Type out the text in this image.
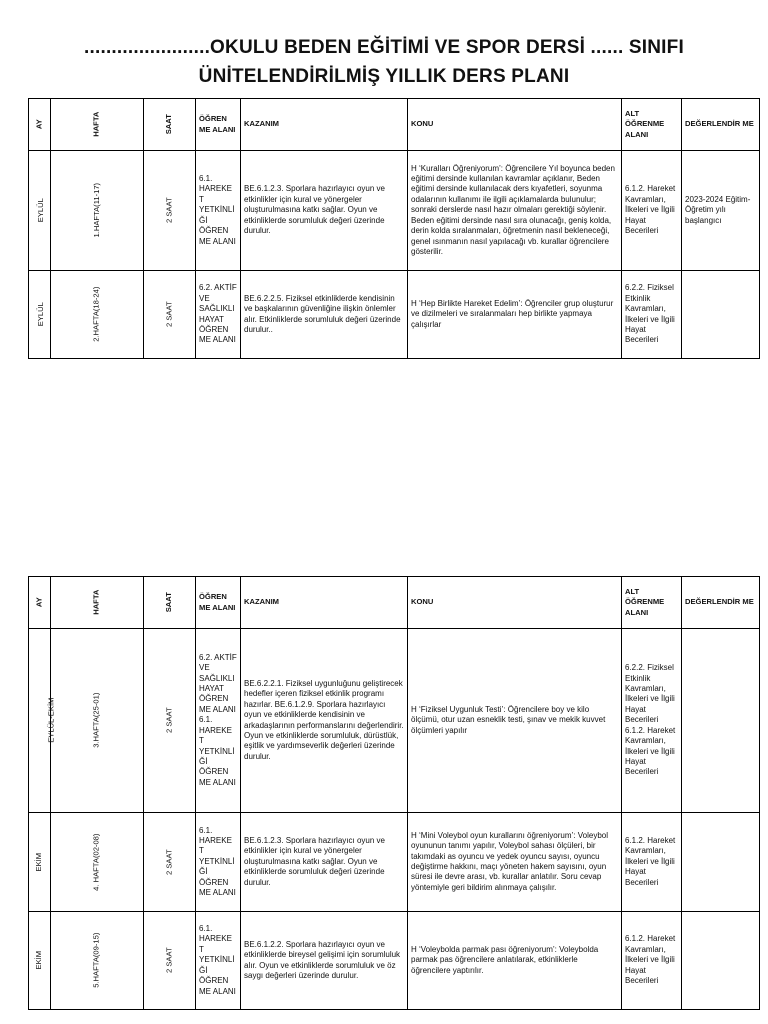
.......................OKULU BEDEN EĞİTİMİ VE SPOR DERSİ ...... SINIFI
ÜNİTELENDİRİLMİŞ YILLIK DERS PLANI
AY	HAFTA	SAAT	ÖĞREN ME ALANI	KAZANIM	KONU	ALT ÖĞRENME ALANI	DEĞERLENDİR ME
EYLÜL	1.HAFTA(11-17)	2 SAAT	6.1. HAREKE T YETKİNLİ Ğİ ÖĞREN ME ALANI	BE.6.1.2.3. Sporlara hazırlayıcı oyun ve etkinlikler için kural ve yönergeler oluşturulmasına katkı sağlar. Oyun ve etkinliklerde sorumluluk değeri üzerinde durulur.	H ‘Kuralları Öğreniyorum’: Öğrencilere Yıl boyunca beden eğitimi dersinde kullanılan kavramlar açıklanır, Beden eğitimi dersinde kullanılacak ders kıyafetleri, soyunma odalarının kullanımı ile ilgili açıklamalarda bulunulur; sonraki derslerde nasıl hazır olmaları gerektiği söylenir. Beden eğitimi dersinde nasıl sıra olunacağı, geniş kolda, derin kolda sıralanmaları, öğretmenin nasıl bekleneceği, genel ısınmanın nasıl yapılacağı vb. kurallar öğrencilere gösterilir.	6.1.2. Hareket Kavramları, İlkeleri ve İlgili Hayat Becerileri	2023-2024 Eğitim-Öğretim yılı başlangıcı
EYLÜL	2.HAFTA(18-24)	2 SAAT	6.2. AKTİF VE SAĞLIKLI HAYAT ÖĞREN ME ALANI	BE.6.2.2.5. Fiziksel etkinliklerde kendisinin ve başkalarının güvenliğine ilişkin önlemler alır. Etkinliklerde sorumluluk değeri üzerinde durulur..	H ‘Hep Birlikte Hareket Edelim’: Öğrenciler grup oluşturur ve dizilmeleri ve sıralanmaları hep birlikte yapmaya çalışırlar	6.2.2. Fiziksel Etkinlik Kavramları, İlkeleri ve İlgili Hayat Becerileri	
AY	HAFTA	SAAT	ÖĞREN ME ALANI	KAZANIM	KONU	ALT ÖĞRENME ALANI	DEĞERLENDİR ME
EYLÜL-EKİM	3.HAFTA(25-01)	2 SAAT	6.2. AKTİF VE SAĞLIKLI HAYAT ÖĞREN ME ALANI 6.1. HAREKE T YETKİNLİ Ğİ ÖĞREN ME ALANI	BE.6.2.2.1. Fiziksel uygunluğunu geliştirecek hedefler içeren fiziksel etkinlik programı hazırlar. BE.6.1.2.9. Sporlara hazırlayıcı oyun ve etkinliklerde kendisinin ve arkadaşlarının performanslarını değerlendirir. Oyun ve etkinliklerde sorumluluk, dürüstlük, eşitlik ve yardımseverlik değerleri üzerinde durulur.	H ‘Fiziksel Uygunluk Testi’: Öğrencilere boy ve kilo ölçümü, otur uzan esneklik testi, şınav ve mekik kuvvet ölçümleri yapılır	6.2.2. Fiziksel Etkinlik Kavramları, İlkeleri ve İlgili Hayat Becerileri 6.1.2. Hareket Kavramları, İlkeleri ve İlgili Hayat Becerileri	
EKİM	4. HAFTA(02-08)	2 SAAT	6.1. HAREKE T YETKİNLİ Ğİ ÖĞREN ME ALANI	BE.6.1.2.3. Sporlara hazırlayıcı oyun ve etkinlikler için kural ve yönergeler oluşturulmasına katkı sağlar. Oyun ve etkinliklerde sorumluluk değeri üzerinde durulur.	H ‘Mini Voleybol oyun kurallarını öğreniyorum’: Voleybol oyununun tanımı yapılır, Voleybol sahası ölçüleri, bir takımdaki as oyuncu ve yedek oyuncu sayısı, oyuncu değiştirme hakkını, maçı yöneten hakem sayısını, oyun süresi ile devre arası, vb. kurallar anlatılır. Soru cevap yöntemiyle geri bildirim alınmaya çalışılır.	6.1.2. Hareket Kavramları, İlkeleri ve İlgili Hayat Becerileri	
EKİM	5.HAFTA(09-15)	2 SAAT	6.1. HAREKE T YETKİNLİ Ğİ ÖĞREN ME ALANI	BE.6.1.2.2. Sporlara hazırlayıcı oyun ve etkinliklerde bireysel gelişimi için sorumluluk alır. Oyun ve etkinliklerde sorumluluk ve öz saygı değerleri üzerinde durulur.	H ‘Voleybolda parmak pası öğreniyorum’: Voleybolda parmak pas öğrencilere anlatılarak, etkinliklerle öğrencilere yaptırılır.	6.1.2. Hareket Kavramları, İlkeleri ve İlgili Hayat Becerileri	
